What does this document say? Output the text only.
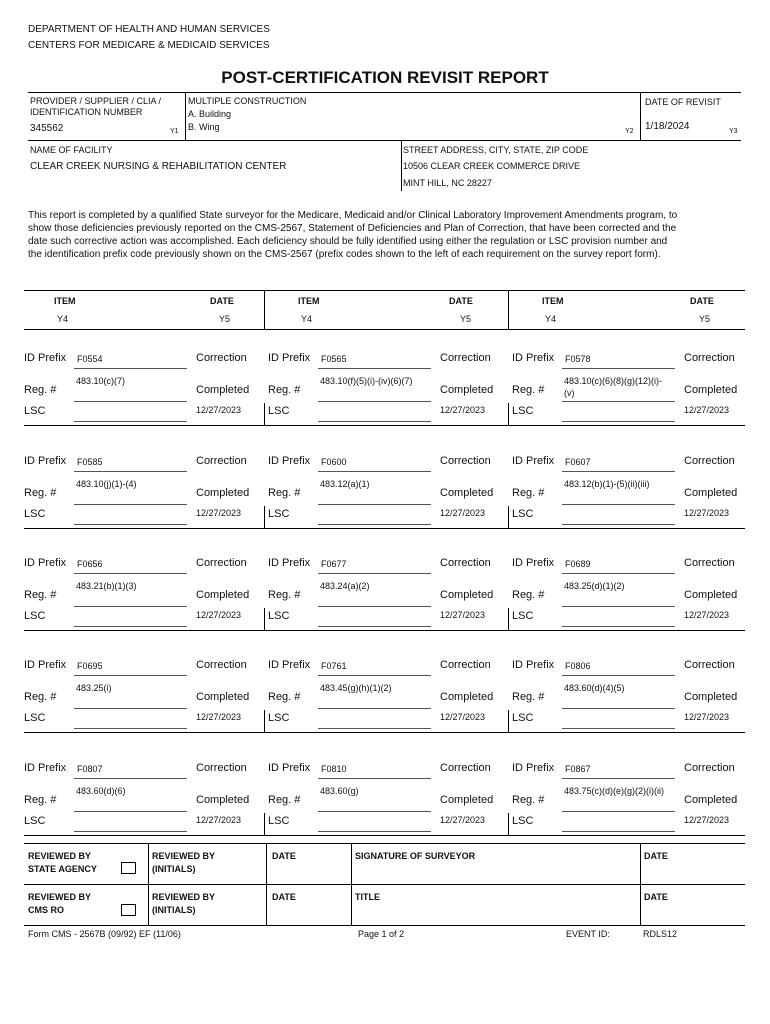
DEPARTMENT OF HEALTH AND HUMAN SERVICES
CENTERS FOR MEDICARE & MEDICAID SERVICES
POST-CERTIFICATION REVISIT REPORT
PROVIDER / SUPPLIER / CLIA /
IDENTIFICATION NUMBER
345562	Y1
MULTIPLE CONSTRUCTION
A. Building
B. Wing	Y2
DATE OF REVISIT
1/18/2024	Y3
NAME OF FACILITY
CLEAR CREEK NURSING & REHABILITATION CENTER
STREET ADDRESS, CITY, STATE, ZIP CODE
10506 CLEAR CREEK COMMERCE DRIVE
MINT HILL, NC 28227
This report is completed by a qualified State surveyor for the Medicare, Medicaid and/or Clinical Laboratory Improvement Amendments program, to show those deficiencies previously reported on the CMS-2567, Statement of Deficiencies and Plan of Correction, that have been corrected and the date such corrective action was accomplished. Each deficiency should be fully identified using either the regulation or LSC provision number and the identification prefix code previously shown on the CMS-2567 (prefix codes shown to the left of each requirement on the survey report form).
ITEM	DATE
Y4	Y5
ITEM	DATE
Y4	Y5
ITEM	DATE
Y4	Y5
ID Prefix F0554	Correction
Reg. #
483.10(c)(7)
Completed
LSC	12/27/2023
ID Prefix F0565	Correction
Reg. #
483.10(f)(5)(i)-(iv)(6)(7)
Completed
LSC	12/27/2023
ID Prefix F0578	Correction
Reg. #
483.10(c)(6)(8)(g)(12)(i)-
(v)	Completed
LSC	12/27/2023
ID Prefix F0585	Correction
Reg. #
483.10(j)(1)-(4)
Completed
LSC	12/27/2023
ID Prefix F0600	Correction
Reg. #
483.12(a)(1)
Completed
LSC	12/27/2023
ID Prefix F0607	Correction
Reg. #
483.12(b)(1)-(5)(ii)(iii)
Completed
LSC	12/27/2023
ID Prefix F0656	Correction
Reg. #
483.21(b)(1)(3)
Completed
LSC	12/27/2023
ID Prefix F0677	Correction
Reg. #
483.24(a)(2)
Completed
LSC	12/27/2023
ID Prefix F0689	Correction
Reg. #
483.25(d)(1)(2)
Completed
LSC	12/27/2023
ID Prefix F0695	Correction
Reg. #
483.25(i)
Completed
LSC	12/27/2023
ID Prefix F0761	Correction
Reg. #
483.45(g)(h)(1)(2)
Completed
LSC	12/27/2023
ID Prefix F0806	Correction
Reg. #
483.60(d)(4)(5)
Completed
LSC	12/27/2023
ID Prefix F0807	Correction
Reg. #
483.60(d)(6)
Completed
LSC	12/27/2023
ID Prefix F0810	Correction
Reg. #
483.60(g)
Completed
LSC	12/27/2023
ID Prefix F0867	Correction
Reg. #
483.75(c)(d)(e)(g)(2)(i)(ii)
Completed
LSC	12/27/2023
REVIEWED BY
STATE AGENCY
REVIEWED BY
(INITIALS)
DATE	SIGNATURE OF SURVEYOR	DATE
REVIEWED BY
CMS RO
REVIEWED BY
(INITIALS)
DATE	TITLE	DATE
Form CMS - 2567B (09/92) EF (11/06)	Page 1 of 2	EVENT ID:	RDLS12
